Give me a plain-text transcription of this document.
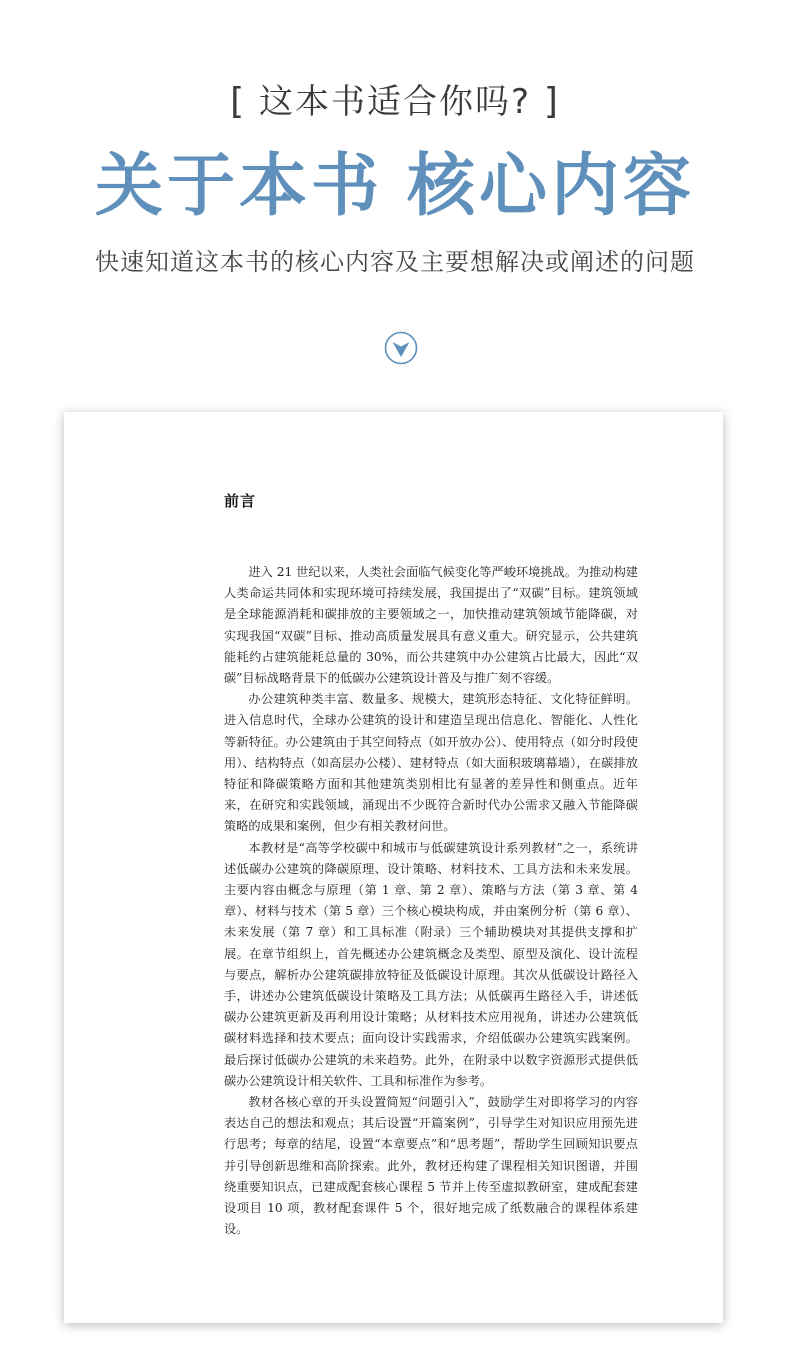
[ 这本书适合你吗? ]
关于本书 核心内容
快速知道这本书的核心内容及主要想解决或阐述的问题
前言

进入 21 世纪以来，人类社会面临气候变化等严峻环境挑战。为推动构建人类命运共同体和实现环境可持续发展，我国提出了“双碳”目标。建筑领域是全球能源消耗和碳排放的主要领域之一，加快推动建筑领域节能降碳，对实现我国“双碳”目标、推动高质量发展具有意义重大。研究显示，公共建筑能耗约占建筑能耗总量的 30%，而公共建筑中办公建筑占比最大，因此“双碳”目标战略背景下的低碳办公建筑设计普及与推广刻不容缓。

办公建筑种类丰富、数量多、规模大，建筑形态特征、文化特征鲜明。进入信息时代，全球办公建筑的设计和建造呈现出信息化、智能化、人性化等新特征。办公建筑由于其空间特点（如开放办公）、使用特点（如分时段使用）、结构特点（如高层办公楼）、建材特点（如大面积玻璃幕墙），在碳排放特征和降碳策略方面和其他建筑类别相比有显著的差异性和侧重点。近年来，在研究和实践领域，涌现出不少既符合新时代办公需求又融入节能降碳策略的成果和案例，但少有相关教材问世。

本教材是“高等学校碳中和城市与低碳建筑设计系列教材”之一，系统讲述低碳办公建筑的降碳原理、设计策略、材料技术、工具方法和未来发展。主要内容由概念与原理（第 1 章、第 2 章）、策略与方法（第 3 章、第 4 章）、材料与技术（第 5 章）三个核心模块构成，并由案例分析（第 6 章）、未来发展（第 7 章）和工具标准（附录）三个辅助模块对其提供支撑和扩展。在章节组织上，首先概述办公建筑概念及类型、原型及演化、设计流程与要点，解析办公建筑碳排放特征及低碳设计原理。其次从低碳设计路径入手，讲述办公建筑低碳设计策略及工具方法；从低碳再生路径入手，讲述低碳办公建筑更新及再利用设计策略；从材料技术应用视角，讲述办公建筑低碳材料选择和技术要点；面向设计实践需求，介绍低碳办公建筑实践案例。最后探讨低碳办公建筑的未来趋势。此外，在附录中以数字资源形式提供低碳办公建筑设计相关软件、工具和标准作为参考。

教材各核心章的开头设置简短“问题引入”，鼓励学生对即将学习的内容表达自己的想法和观点；其后设置“开篇案例”，引导学生对知识应用预先进行思考；每章的结尾，设置“本章要点”和“思考题”，帮助学生回顾知识要点并引导创新思维和高阶探索。此外，教材还构建了课程相关知识图谱，并围绕重要知识点，已建成配套核心课程 5 节并上传至虚拟教研室，建成配套建设项目 10 项，教材配套课件 5 个，很好地完成了纸数融合的课程体系建设。
